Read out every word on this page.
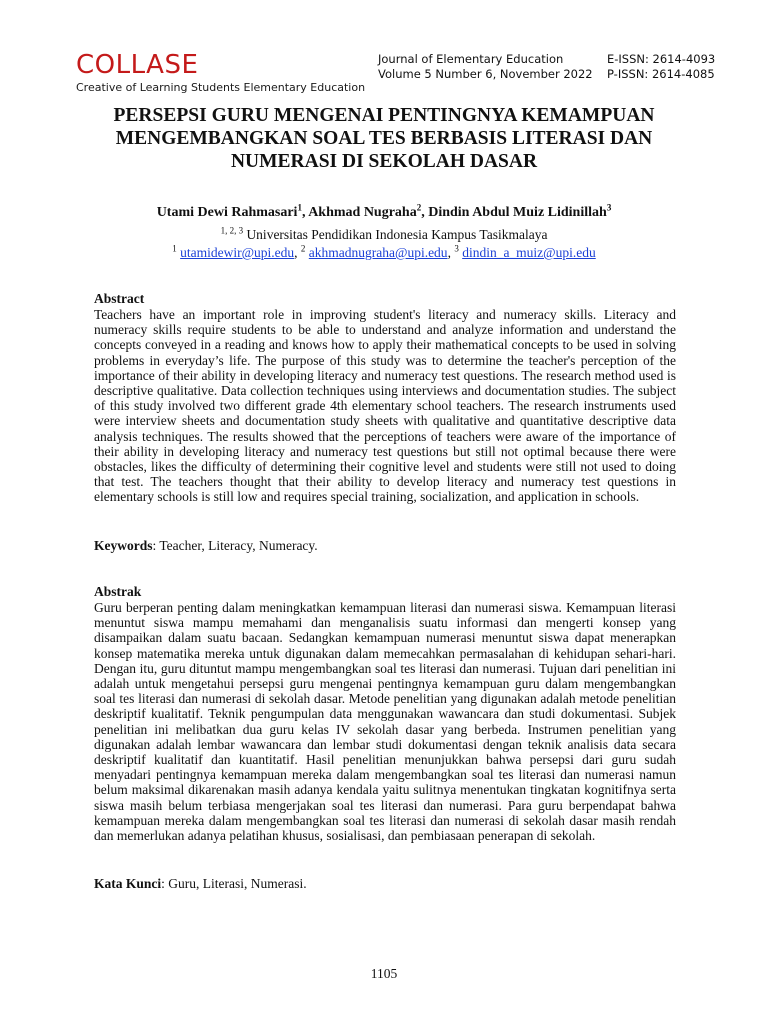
COLLASE
Creative of Learning Students Elementary Education
Journal of Elementary Education
Volume 5 Number 6, November 2022
E-ISSN: 2614-4093
P-ISSN: 2614-4085
PERSEPSI GURU MENGENAI PENTINGNYA KEMAMPUAN
MENGEMBANGKAN SOAL TES BERBASIS LITERASI DAN
NUMERASI DI SEKOLAH DASAR
Utami Dewi Rahmasari$^1$, Akhmad Nugraha$^2$, Dindin Abdul Muiz Lidinillah$^3$
$^{1, 2, 3}$ Universitas Pendidikan Indonesia Kampus Tasikmalaya
$^1$ utamidewir@upi.edu, $^2$ akhmadnugraha@upi.edu, $^3$ dindin_a_muiz@upi.edu
Abstract
Teachers have an important role in improving student's literacy and numeracy skills. Literacy and numeracy skills require students to be able to understand and analyze information and understand the concepts conveyed in a reading and knows how to apply their mathematical concepts to be used in solving problems in everyday’s life. The purpose of this study was to determine the teacher's perception of the importance of their ability in developing literacy and numeracy test questions. The research method used is descriptive qualitative. Data collection techniques using interviews and documentation studies. The subject of this study involved two different grade 4th elementary school teachers. The research instruments used were interview sheets and documentation study sheets with qualitative and quantitative descriptive data analysis techniques. The results showed that the perceptions of teachers were aware of the importance of their ability in developing literacy and numeracy test questions but still not optimal because there were obstacles, likes the difficulty of determining their cognitive level and students were still not used to doing that test. The teachers thought that their ability to develop literacy and numeracy test questions in elementary schools is still low and requires special training, socialization, and application in schools.
Keywords: Teacher, Literacy, Numeracy.
Abstrak
Guru berperan penting dalam meningkatkan kemampuan literasi dan numerasi siswa. Kemampuan literasi menuntut siswa mampu memahami dan menganalisis suatu informasi dan mengerti konsep yang disampaikan dalam suatu bacaan. Sedangkan kemampuan numerasi menuntut siswa dapat menerapkan konsep matematika mereka untuk digunakan dalam memecahkan permasalahan di kehidupan sehari-hari. Dengan itu, guru dituntut mampu mengembangkan soal tes literasi dan numerasi. Tujuan dari penelitian ini adalah untuk mengetahui persepsi guru mengenai pentingnya kemampuan guru dalam mengembangkan soal tes literasi dan numerasi di sekolah dasar. Metode penelitian yang digunakan adalah metode penelitian deskriptif kualitatif. Teknik pengumpulan data menggunakan wawancara dan studi dokumentasi. Subjek penelitian ini melibatkan dua guru kelas IV sekolah dasar yang berbeda. Instrumen penelitian yang digunakan adalah lembar wawancara dan lembar studi dokumentasi dengan teknik analisis data secara deskriptif kualitatif dan kuantitatif. Hasil penelitian menunjukkan bahwa persepsi dari guru sudah menyadari pentingnya kemampuan mereka dalam mengembangkan soal tes literasi dan numerasi namun belum maksimal dikarenakan masih adanya kendala yaitu sulitnya menentukan tingkatan kognitifnya serta siswa masih belum terbiasa mengerjakan soal tes literasi dan numerasi. Para guru berpendapat bahwa kemampuan mereka dalam mengembangkan soal tes literasi dan numerasi di sekolah dasar masih rendah dan memerlukan adanya pelatihan khusus, sosialisasi, dan pembiasaan penerapan di sekolah.
Kata Kunci: Guru, Literasi, Numerasi.
1105
